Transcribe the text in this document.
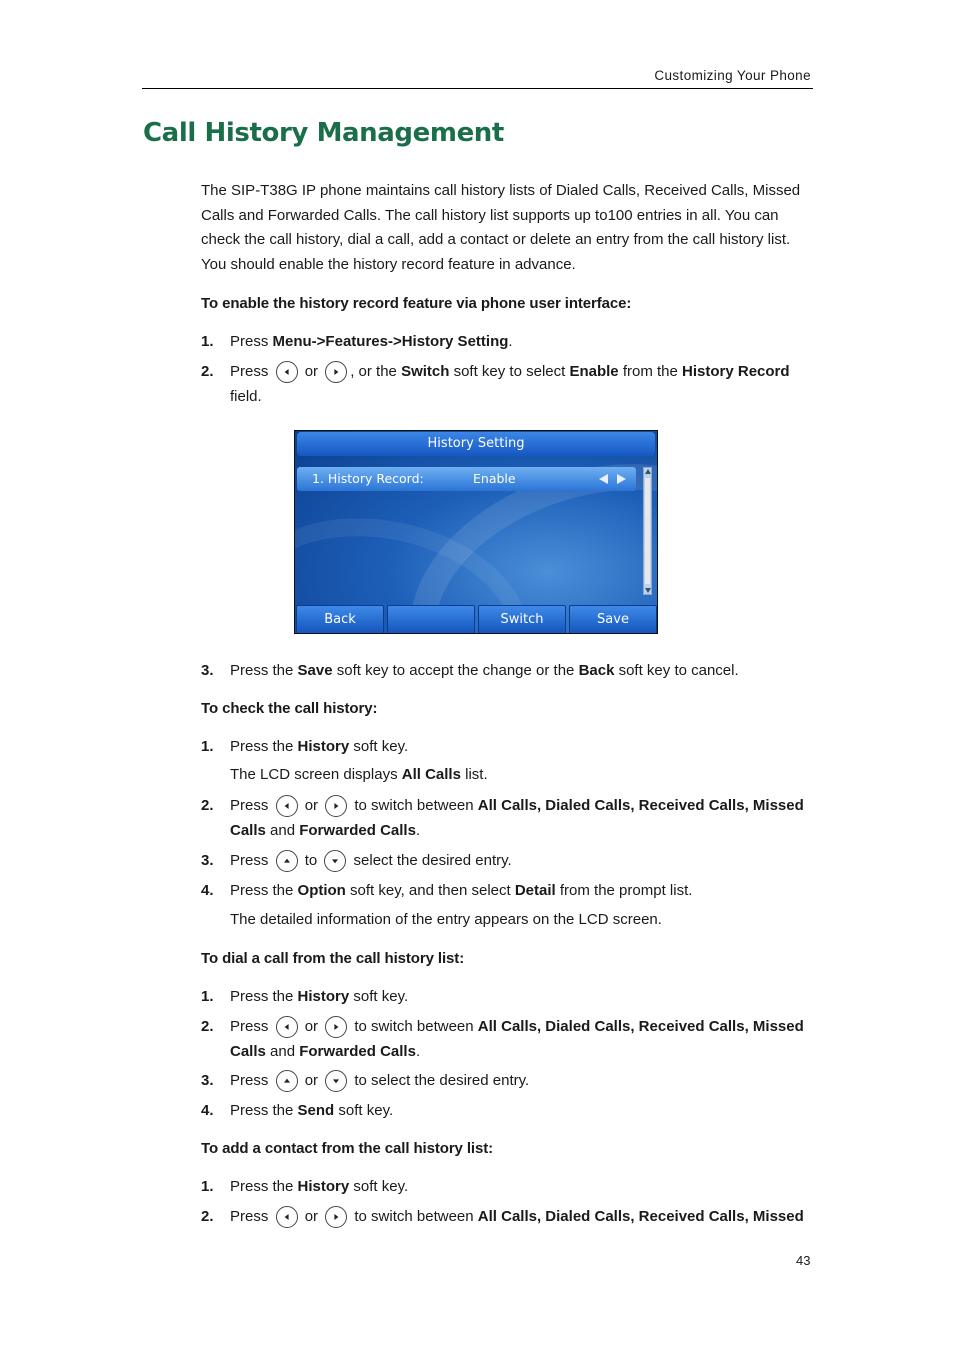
Customizing Your Phone
Call History Management

The SIP-T38G IP phone maintains call history lists of Dialed Calls, Received Calls, Missed Calls and Forwarded Calls. The call history list supports up to100 entries in all. You can check the call history, dial a call, add a contact or delete an entry from the call history list. You should enable the history record feature in advance.

To enable the history record feature via phone user interface:

1. Press Menu->Features->History Setting.
2. Press or , or the Switch soft key to select Enable from the History Record field.
History Setting
1. History Record:	Enable
Back	Switch	Save
3. Press the Save soft key to accept the change or the Back soft key to cancel.

To check the call history:

1. Press the History soft key.
The LCD screen displays All Calls list.
2. Press or  to switch between All Calls, Dialed Calls, Received Calls, Missed Calls and Forwarded Calls.
3. Press to  select the desired entry.
4. Press the Option soft key, and then select Detail from the prompt list.
The detailed information of the entry appears on the LCD screen.

To dial a call from the call history list:

1. Press the History soft key.
2. Press or  to switch between All Calls, Dialed Calls, Received Calls, Missed Calls and Forwarded Calls.
3. Press or  to select the desired entry.
4. Press the Send soft key.

To add a contact from the call history list:

1. Press the History soft key.
2. Press or  to switch between All Calls, Dialed Calls, Received Calls, Missed
43
